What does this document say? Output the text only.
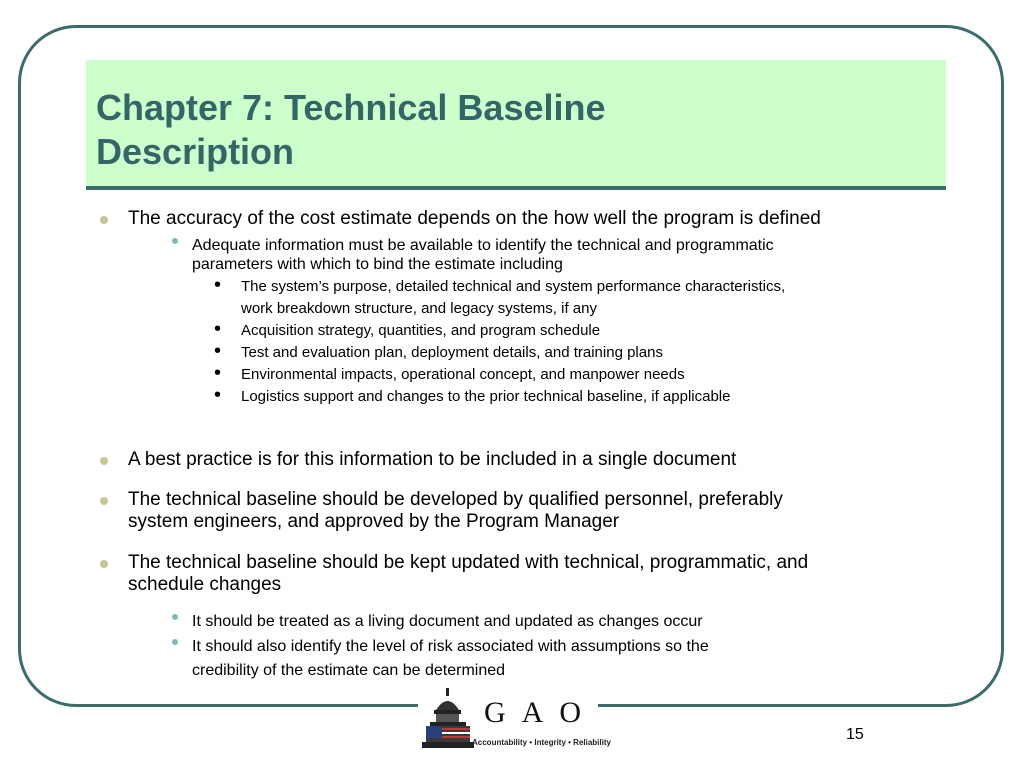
Chapter 7: Technical Baseline
Description
The accuracy of the cost estimate depends on the how well the program is defined
Adequate information must be available to identify the technical and programmatic
parameters with which to bind the estimate including
• The system’s purpose, detailed technical and system performance characteristics,
work breakdown structure, and legacy systems, if any
• Acquisition strategy, quantities, and program schedule
• Test and evaluation plan, deployment details, and training plans
• Environmental impacts, operational concept, and manpower needs
• Logistics support and changes to the prior technical baseline, if applicable
A best practice is for this information to be included in a single document
The technical baseline should be developed by qualified personnel, preferably
system engineers, and approved by the Program Manager
The technical baseline should be kept updated with technical, programmatic, and
schedule changes
It should be treated as a living document and updated as changes occur
It should also identify the level of risk associated with assumptions so the
credibility of the estimate can be determined
GAO
Accountability • Integrity • Reliability	15
